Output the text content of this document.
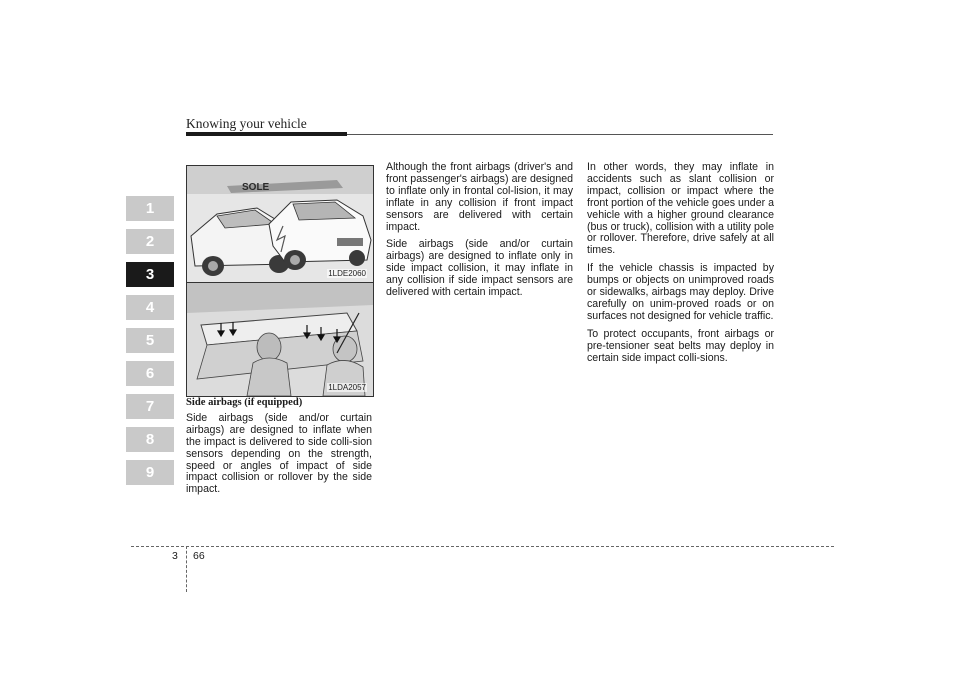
Knowing your vehicle
1
2
3
4
5
6
7
8
9
SOLE
1LDE2060
1LDA2057

Side airbags (if equipped)

Side airbags (side and/or curtain airbags) are designed to inflate when the impact is delivered to side colli-sion sensors depending on the strength, speed or angles of impact of side impact collision or rollover by the side impact.

Although the front airbags (driver's and front passenger's airbags) are designed to inflate only in frontal col-lision, it may inflate in any collision if front impact sensors are delivered with certain impact.

Side airbags (side and/or curtain airbags) are designed to inflate only in side impact collision, it may inflate in any collision if side impact sensors are delivered with certain impact.

In other words, they may inflate in accidents such as slant collision or impact, collision or impact where the front portion of the vehicle goes under a vehicle with a higher ground clearance (bus or truck), collision with a utility pole or rollover. Therefore, drive safely at all times.

If the vehicle chassis is impacted by bumps or objects on unimproved roads or sidewalks, airbags may deploy. Drive carefully on unim-proved roads or on surfaces not designed for vehicle traffic.

To protect occupants, front airbags or pre-tensioner seat belts may deploy in certain side impact colli-sions.

3 66
